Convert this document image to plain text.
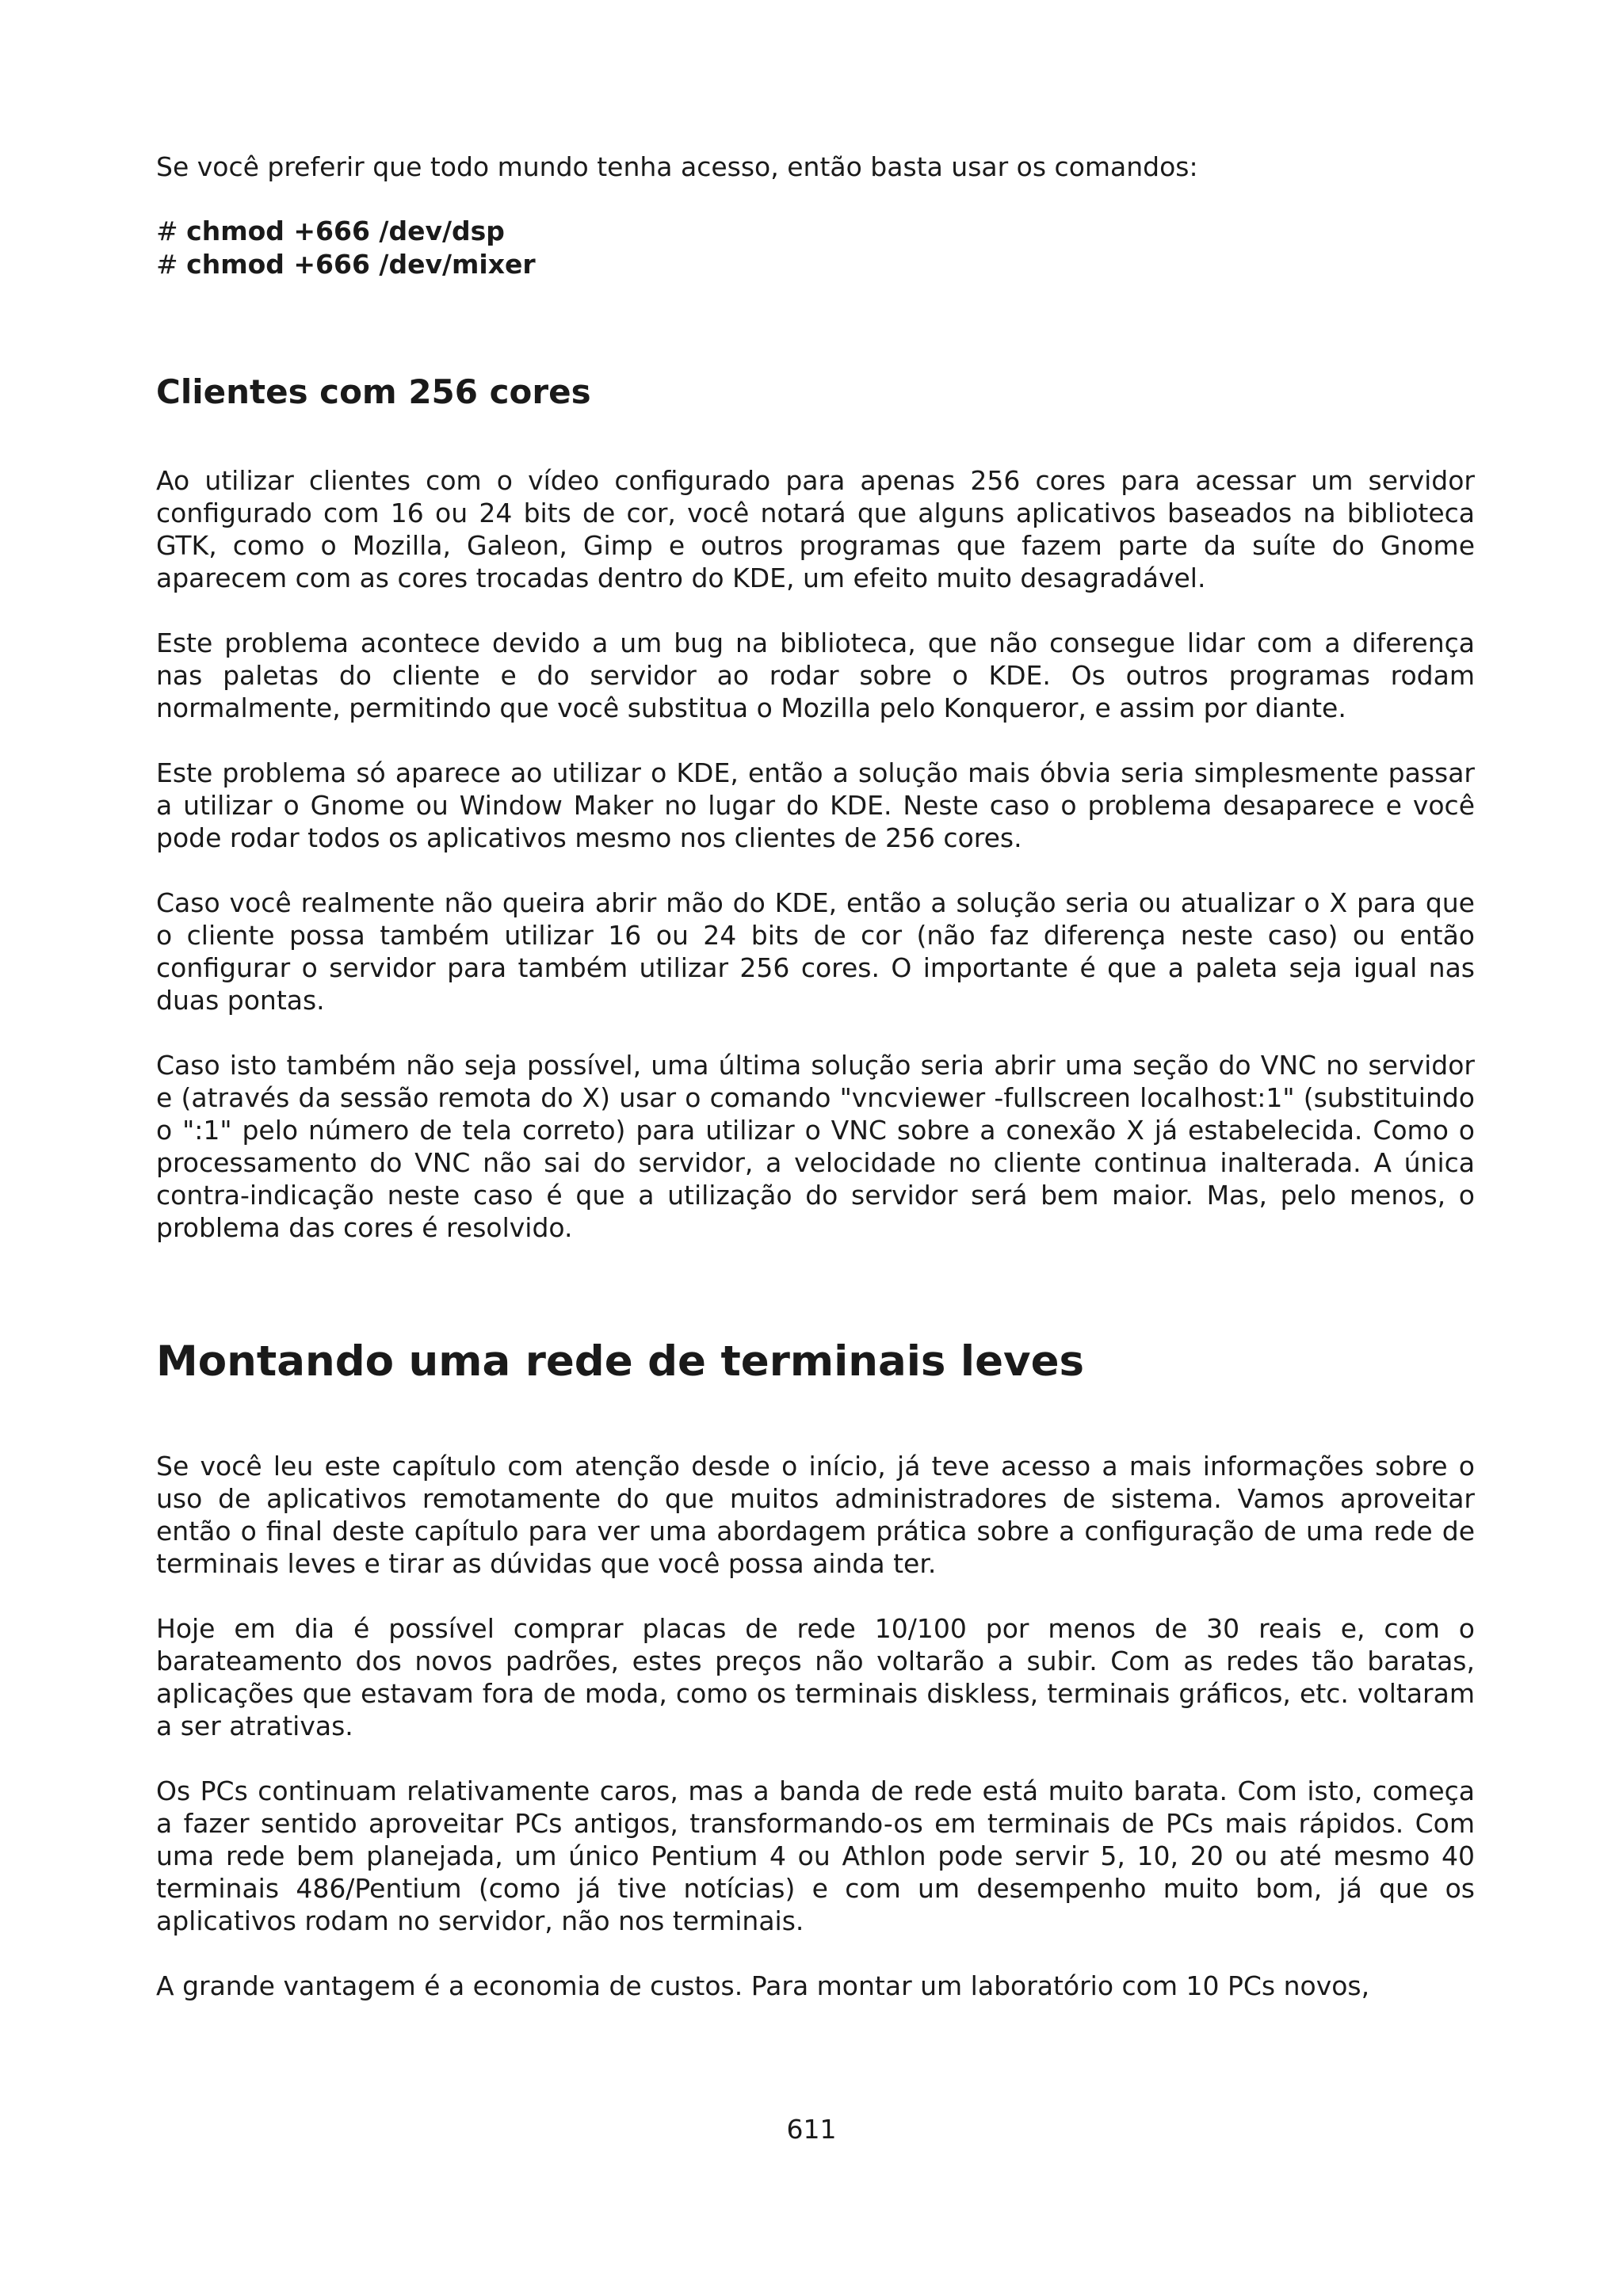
Se você preferir que todo mundo tenha acesso, então basta usar os comandos:

# chmod +666 /dev/dsp
# chmod +666 /dev/mixer
Clientes com 256 cores

Ao utilizar clientes com o vídeo configurado para apenas 256 cores para acessar um servidor configurado com 16 ou 24 bits de cor, você notará que alguns aplicativos baseados na biblioteca GTK, como o Mozilla, Galeon, Gimp e outros programas que fazem parte da suíte do Gnome aparecem com as cores trocadas dentro do KDE, um efeito muito desagradável.

Este problema acontece devido a um bug na biblioteca, que não consegue lidar com a diferença nas paletas do cliente e do servidor ao rodar sobre o KDE. Os outros programas rodam normalmente, permitindo que você substitua o Mozilla pelo Konqueror, e assim por diante.

Este problema só aparece ao utilizar o KDE, então a solução mais óbvia seria simplesmente passar a utilizar o Gnome ou Window Maker no lugar do KDE. Neste caso o problema desaparece e você pode rodar todos os aplicativos mesmo nos clientes de 256 cores.

Caso você realmente não queira abrir mão do KDE, então a solução seria ou atualizar o X para que o cliente possa também utilizar 16 ou 24 bits de cor (não faz diferença neste caso) ou então configurar o servidor para também utilizar 256 cores. O importante é que a paleta seja igual nas duas pontas.

Caso isto também não seja possível, uma última solução seria abrir uma seção do VNC no servidor e (através da sessão remota do X) usar o comando "vncviewer -fullscreen localhost:1" (substituindo o ":1" pelo número de tela correto) para utilizar o VNC sobre a conexão X já estabelecida. Como o processamento do VNC não sai do servidor, a velocidade no cliente continua inalterada. A única contra-indicação neste caso é que a utilização do servidor será bem maior. Mas, pelo menos, o problema das cores é resolvido.

Montando uma rede de terminais leves

Se você leu este capítulo com atenção desde o início, já teve acesso a mais informações sobre o uso de aplicativos remotamente do que muitos administradores de sistema. Vamos aproveitar então o final deste capítulo para ver uma abordagem prática sobre a configuração de uma rede de terminais leves e tirar as dúvidas que você possa ainda ter.

Hoje em dia é possível comprar placas de rede 10/100 por menos de 30 reais e, com o barateamento dos novos padrões, estes preços não voltarão a subir. Com as redes tão baratas, aplicações que estavam fora de moda, como os terminais diskless, terminais gráficos, etc. voltaram a ser atrativas.

Os PCs continuam relativamente caros, mas a banda de rede está muito barata. Com isto, começa a fazer sentido aproveitar PCs antigos, transformando-os em terminais de PCs mais rápidos. Com uma rede bem planejada, um único Pentium 4 ou Athlon pode servir 5, 10, 20 ou até mesmo 40 terminais 486/Pentium (como já tive notícias) e com um desempenho muito bom, já que os aplicativos rodam no servidor, não nos terminais.

A grande vantagem é a economia de custos. Para montar um laboratório com 10 PCs novos,

611
